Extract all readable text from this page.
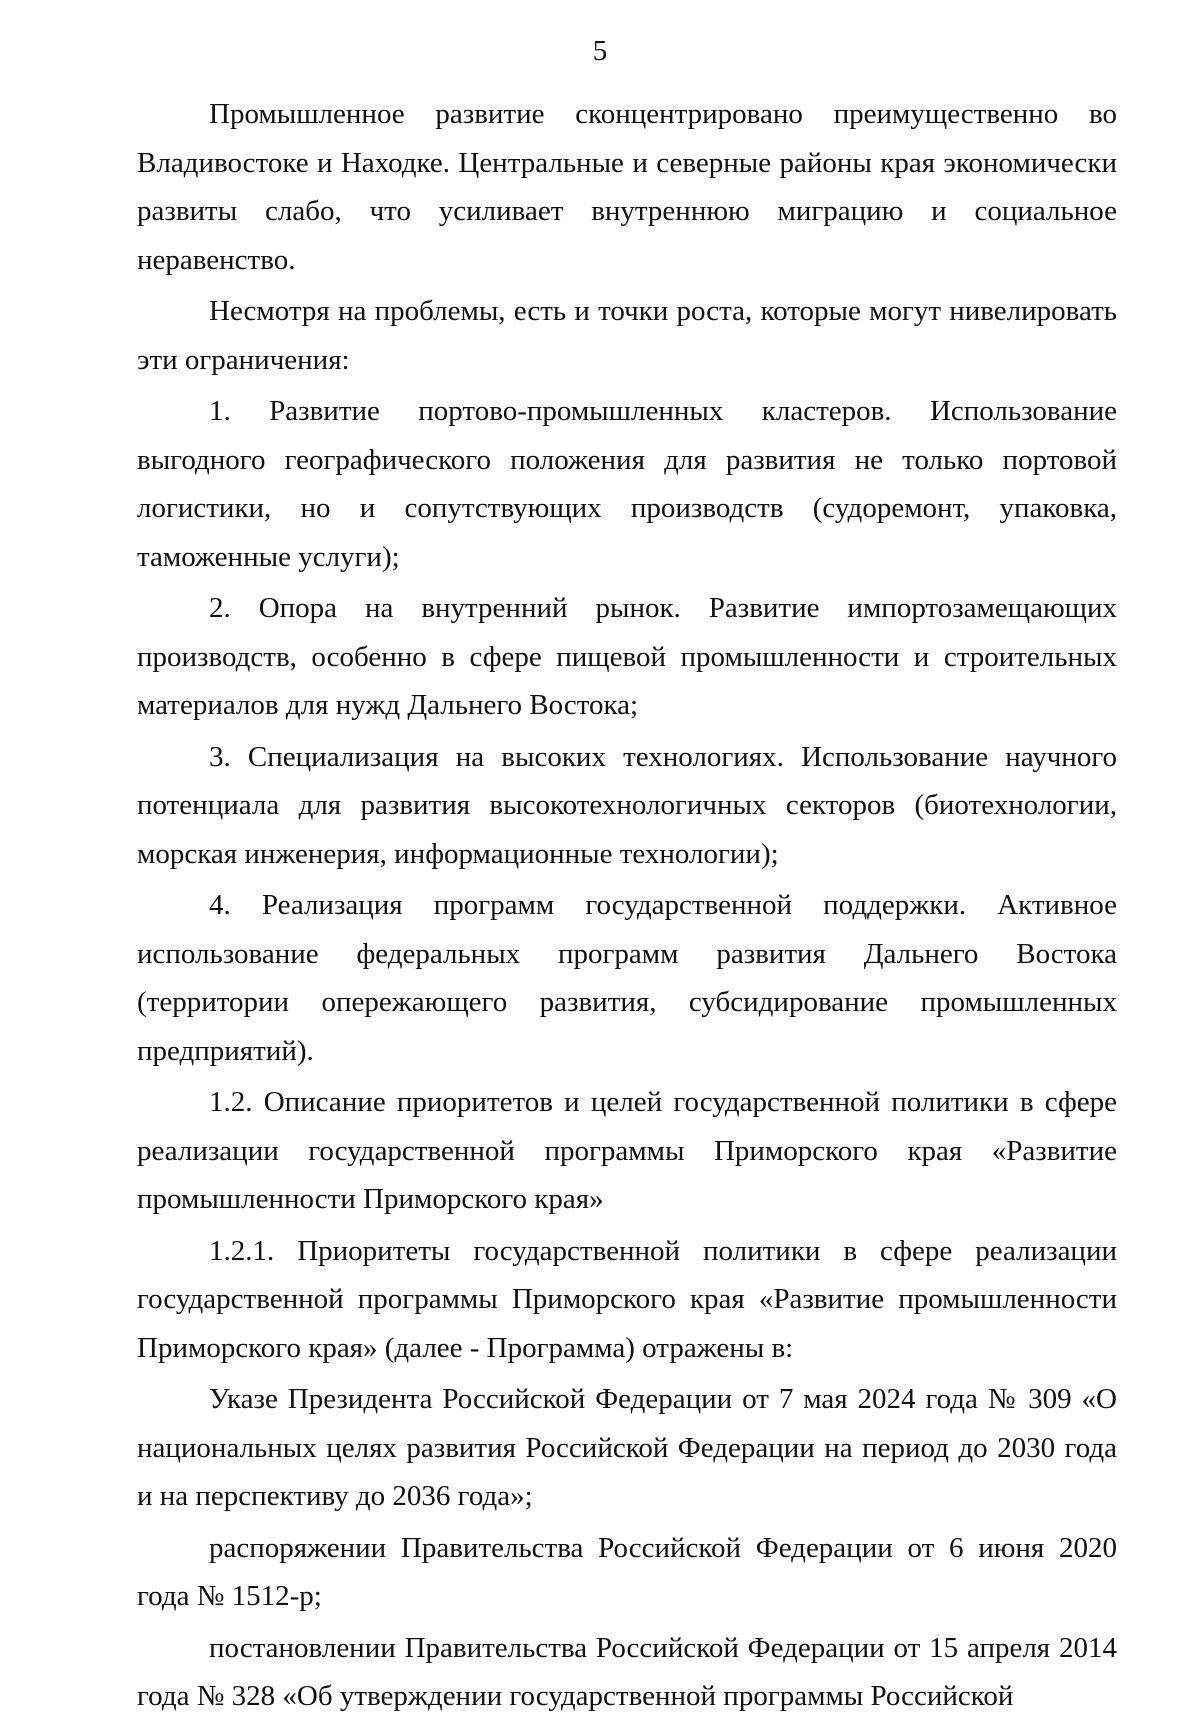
5

Промышленное развитие сконцентрировано преимущественно во Владивостоке и Находке. Центральные и северные районы края экономически развиты слабо, что усиливает внутреннюю миграцию и социальное неравенство.

Несмотря на проблемы, есть и точки роста, которые могут нивелировать эти ограничения:

1. Развитие портово-промышленных кластеров. Использование выгодного географического положения для развития не только портовой логистики, но и сопутствующих производств (судоремонт, упаковка, таможенные услуги);

2. Опора на внутренний рынок. Развитие импортозамещающих производств, особенно в сфере пищевой промышленности и строительных материалов для нужд Дальнего Востока;

3. Специализация на высоких технологиях. Использование научного потенциала для развития высокотехнологичных секторов (биотехнологии, морская инженерия, информационные технологии);

4. Реализация программ государственной поддержки. Активное использование федеральных программ развития Дальнего Востока (территории опережающего развития, субсидирование промышленных предприятий).

1.2. Описание приоритетов и целей государственной политики в сфере реализации государственной программы Приморского края «Развитие промышленности Приморского края»

1.2.1. Приоритеты государственной политики в сфере реализации государственной программы Приморского края «Развитие промышленности Приморского края» (далее - Программа) отражены в:

Указе Президента Российской Федерации от 7 мая 2024 года № 309 «О национальных целях развития Российской Федерации на период до 2030 года и на перспективу до 2036 года»;

распоряжении Правительства Российской Федерации от 6 июня 2020 года № 1512-р;

постановлении Правительства Российской Федерации от 15 апреля 2014 года № 328 «Об утверждении государственной программы Российской
